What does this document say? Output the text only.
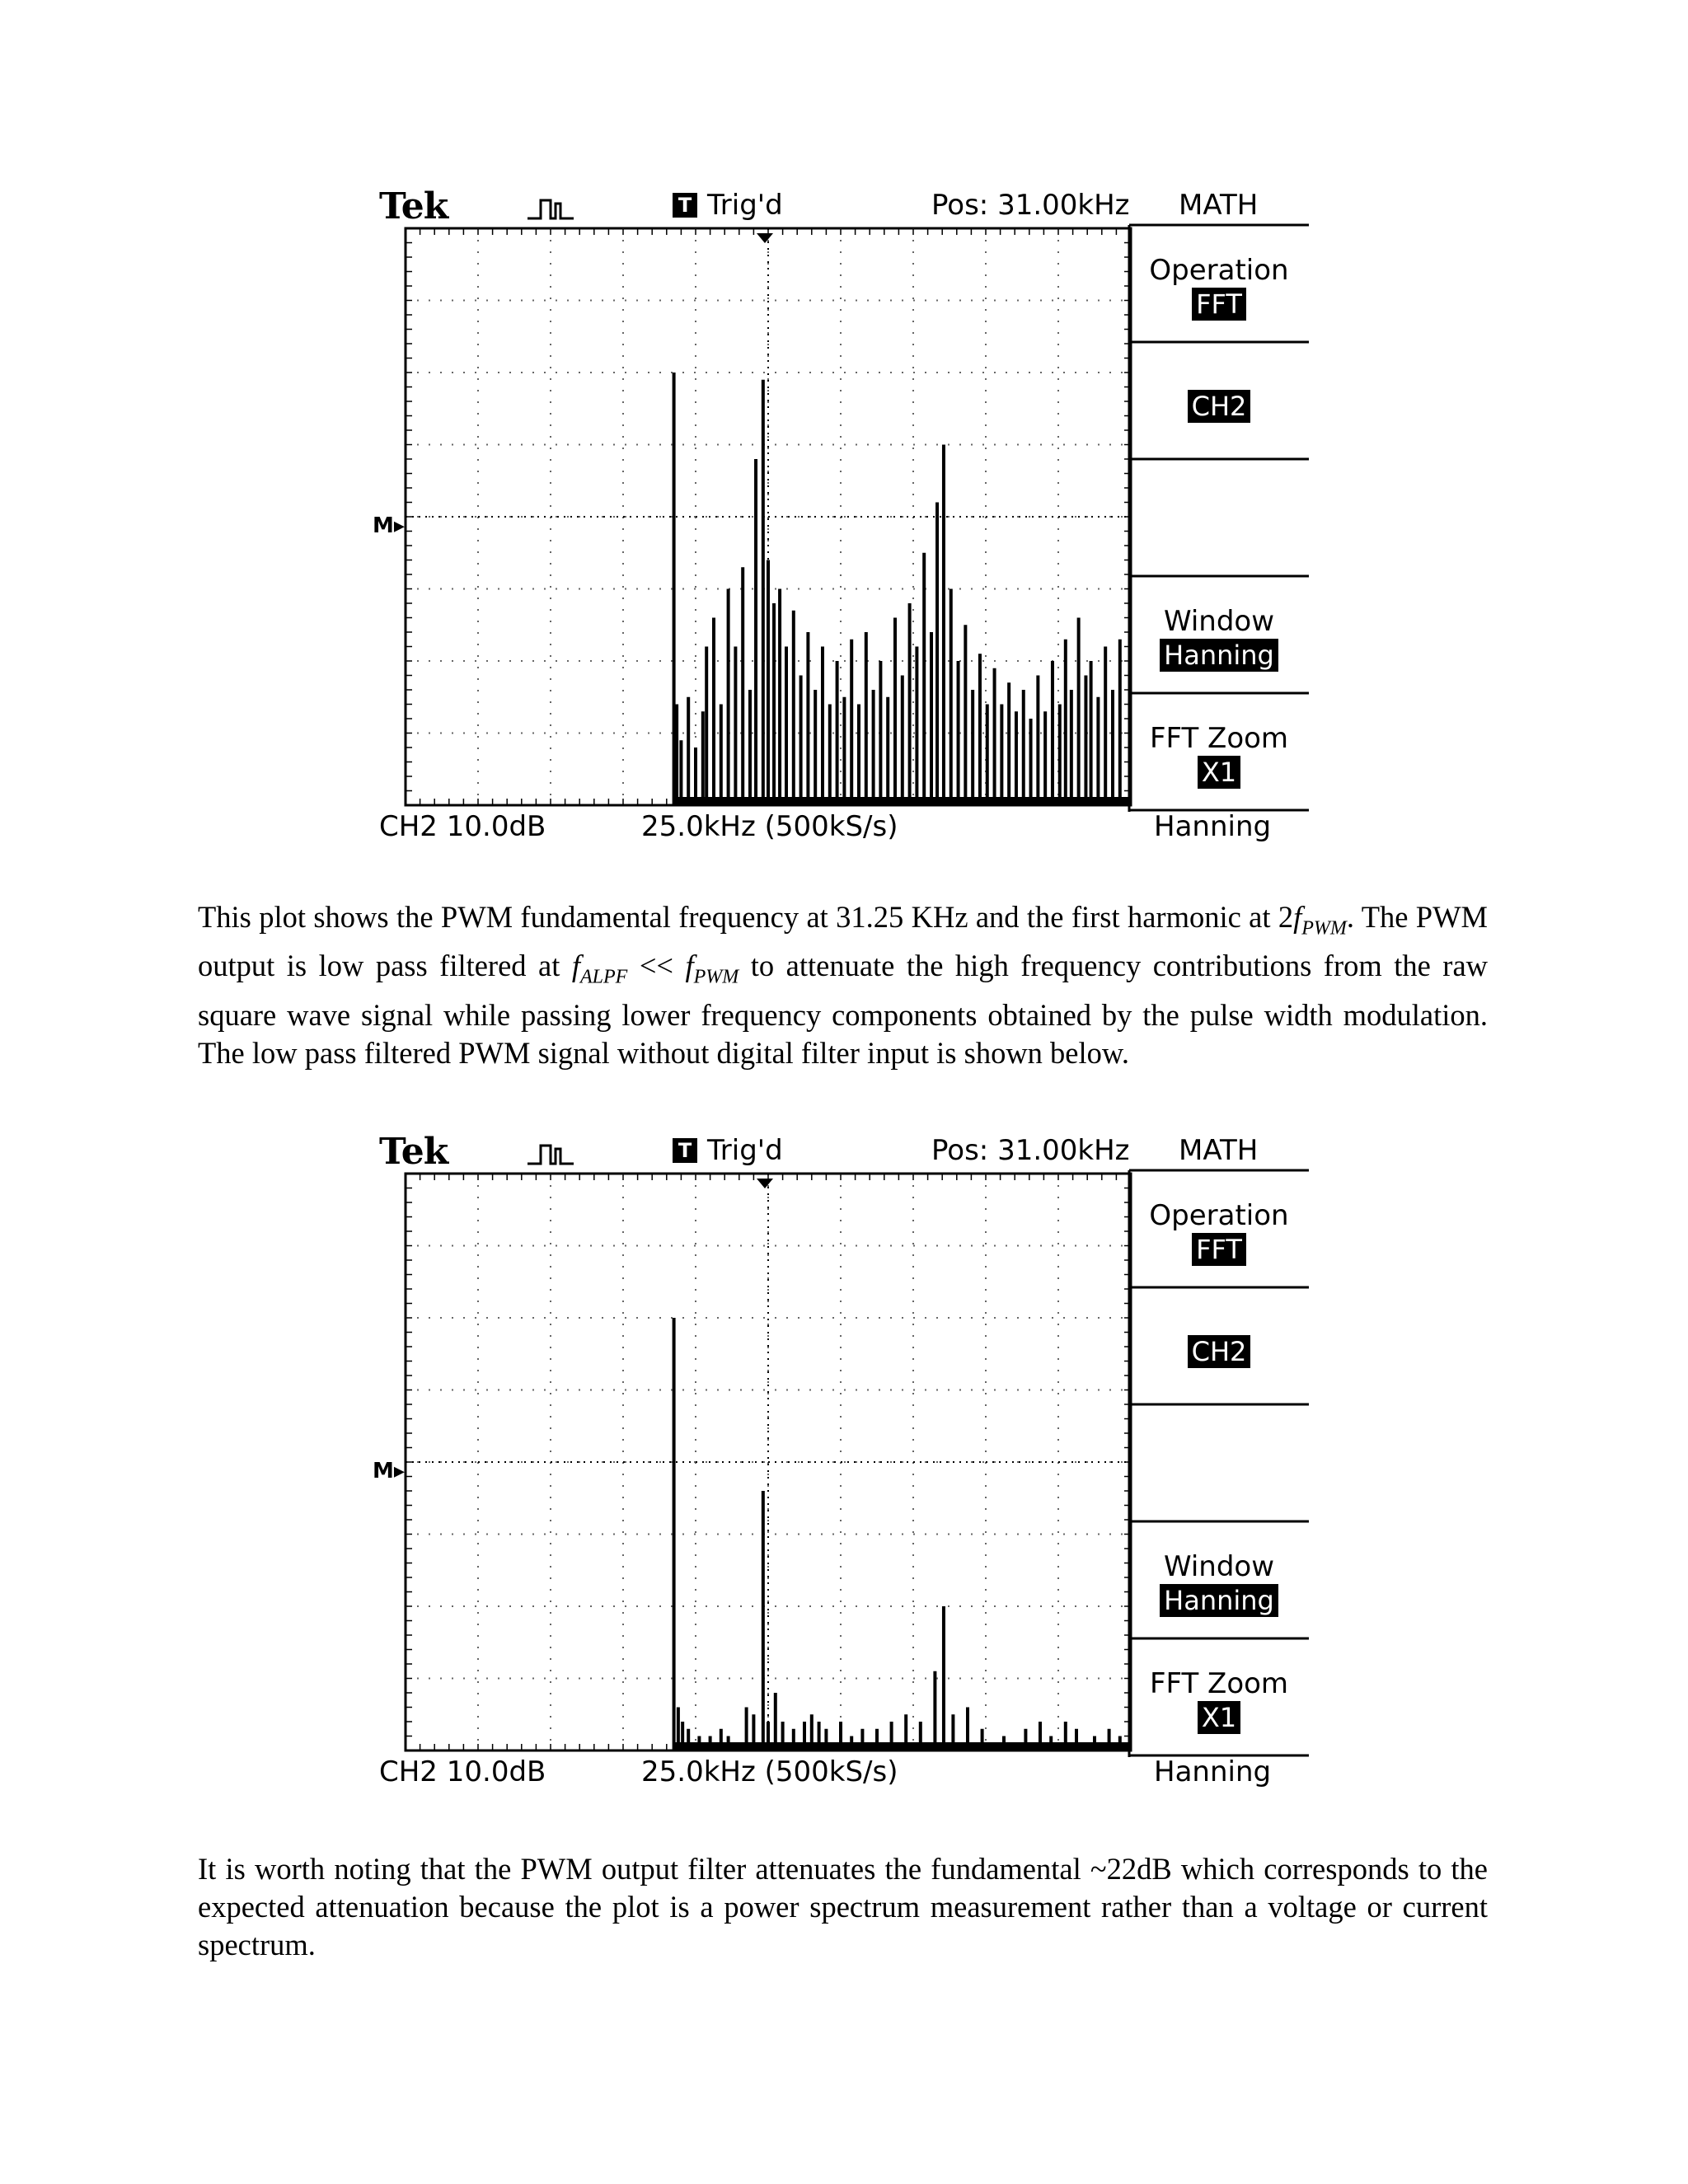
Tek	T Trig'd	Pos: 31.00kHz MATH
M▸
Operation
FFT
CH2
Window
Hanning
FFT Zoom
X1
CH2 10.0dB	25.0kHz (500kS/s)	Hanning

This plot shows the PWM fundamental frequency at 31.25 KHz and the first harmonic at $2f_{PWM}$. The PWM output is low pass filtered at $f_{ALPF} << f_{PWM}$ to attenuate the high frequency contributions from the raw square wave signal while passing lower frequency components obtained by the pulse width modulation. The low pass filtered PWM signal without digital filter input is shown below.

Tek	T Trig'd	Pos: 31.00kHz MATH
M▸
Operation
FFT
CH2
Window
Hanning
FFT Zoom
X1
CH2 10.0dB	25.0kHz (500kS/s)	Hanning

It is worth noting that the PWM output filter attenuates the fundamental ~22dB which corresponds to the expected attenuation because the plot is a power spectrum measurement rather than a voltage or current spectrum.
